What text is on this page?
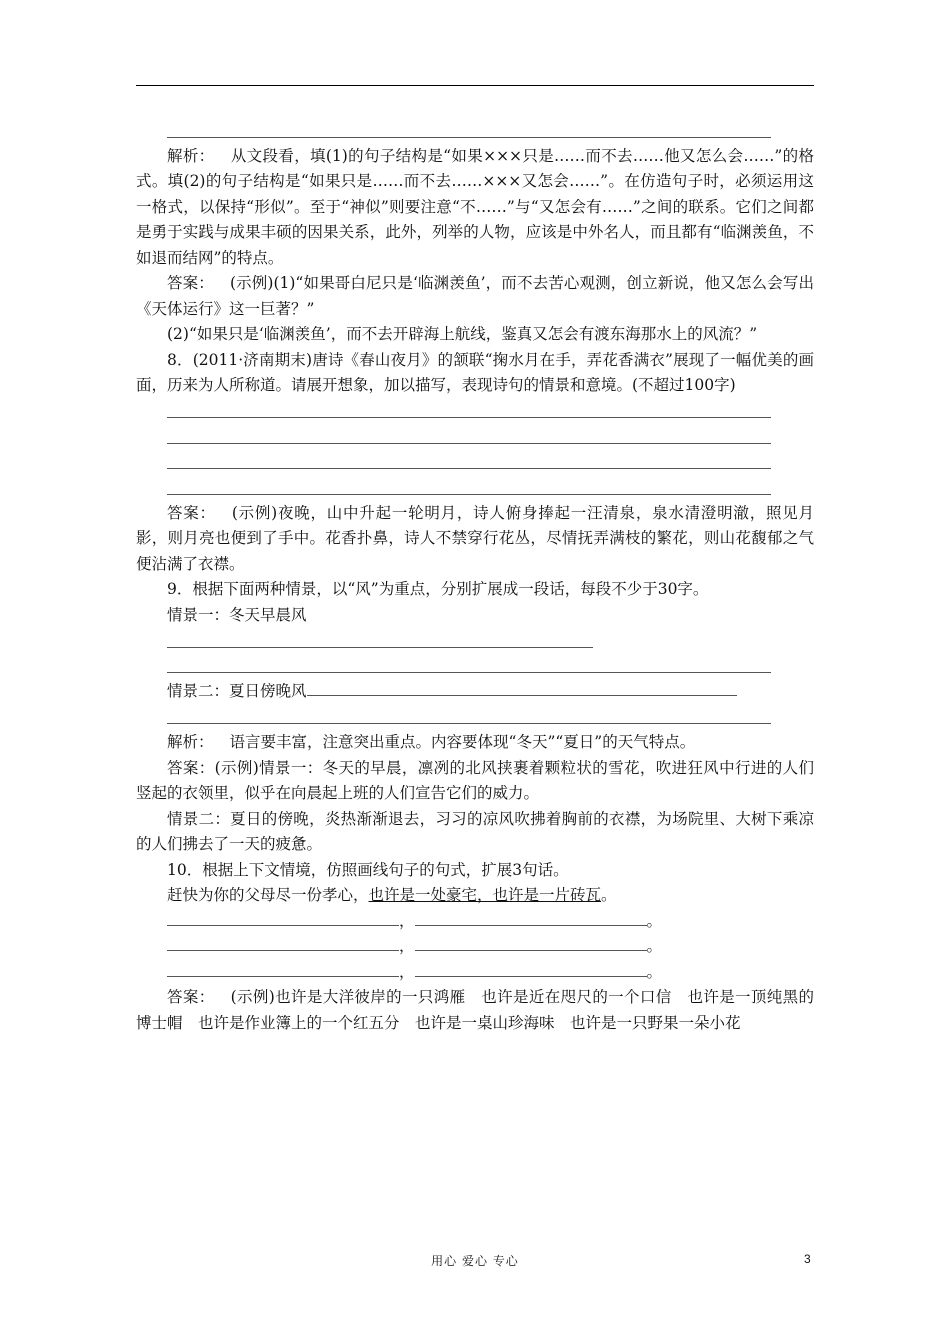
解析： 从文段看，填(1)的句子结构是“如果×××只是……而不去……他又怎么会……”的格式。填(2)的句子结构是“如果只是……而不去……×××又怎会……”。在仿造句子时，必须运用这一格式，以保持“形似”。至于“神似”则要注意“不……”与“又怎会有……”之间的联系。它们之间都是勇于实践与成果丰硕的因果关系，此外，列举的人物，应该是中外名人，而且都有“临渊羡鱼，不如退而结网”的特点。

答案： (示例)(1)“如果哥白尼只是‘临渊羡鱼’，而不去苦心观测，创立新说，他又怎么会写出《天体运行》这一巨著？”

(2)“如果只是‘临渊羡鱼’，而不去开辟海上航线，鉴真又怎会有渡东海那水上的风流？”

8．(2011·济南期末)唐诗《春山夜月》的颔联“掬水月在手，弄花香满衣”展现了一幅优美的画面，历来为人所称道。请展开想象，加以描写，表现诗句的情景和意境。(不超过100字)

答案： (示例)夜晚，山中升起一轮明月，诗人俯身捧起一汪清泉，泉水清澄明澈，照见月影，则月亮也便到了手中。花香扑鼻，诗人不禁穿行花丛，尽情抚弄满枝的繁花，则山花馥郁之气便沾满了衣襟。

9．根据下面两种情景，以“风”为重点，分别扩展成一段话，每段不少于30字。

情景一：冬天早晨风

情景二：夏日傍晚风

解析： 语言要丰富，注意突出重点。内容要体现“冬天”“夏日”的天气特点。

答案：(示例)情景一：冬天的早晨，凛冽的北风挟裹着颗粒状的雪花，吹进狂风中行进的人们竖起的衣领里，似乎在向晨起上班的人们宣告它们的威力。

情景二：夏日的傍晚，炎热渐渐退去，习习的凉风吹拂着胸前的衣襟，为场院里、大树下乘凉的人们拂去了一天的疲惫。

10．根据上下文情境，仿照画线句子的句式，扩展3句话。

赶快为你的父母尽一份孝心，也许是一处豪宅，也许是一片砖瓦。

，	。

，	。

，	。

答案： (示例)也许是大洋彼岸的一只鸿雁　也许是近在咫尺的一个口信　也许是一顶纯黑的博士帽　也许是作业簿上的一个红五分　也许是一桌山珍海味　也许是一只野果一朵小花

用心 爱心 专心	3
